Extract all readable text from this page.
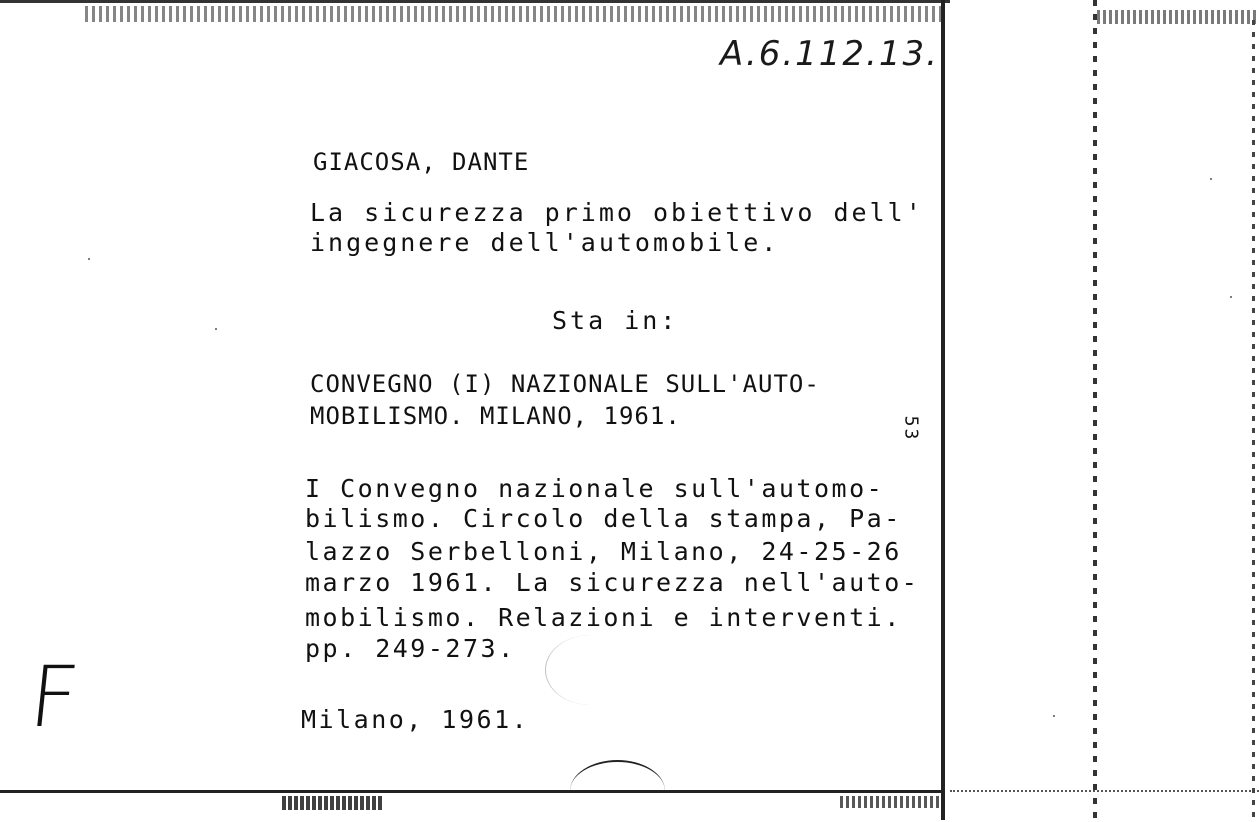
A.6.112.13.
GIACOSA, DANTE
La sicurezza primo obiettivo dell'
ingegnere dell'automobile.
Sta in:
CONVEGNO (I) NAZIONALE SULL'AUTO-
MOBILISMO. MILANO, 1961.	53
I Convegno nazionale sull'automo-
bilismo. Circolo della stampa, Pa-
lazzo Serbelloni, Milano, 24-25-26
marzo 1961. La sicurezza nell'auto-
mobilismo. Relazioni e interventi.
pp. 249-273.
Milano, 1961.
F
